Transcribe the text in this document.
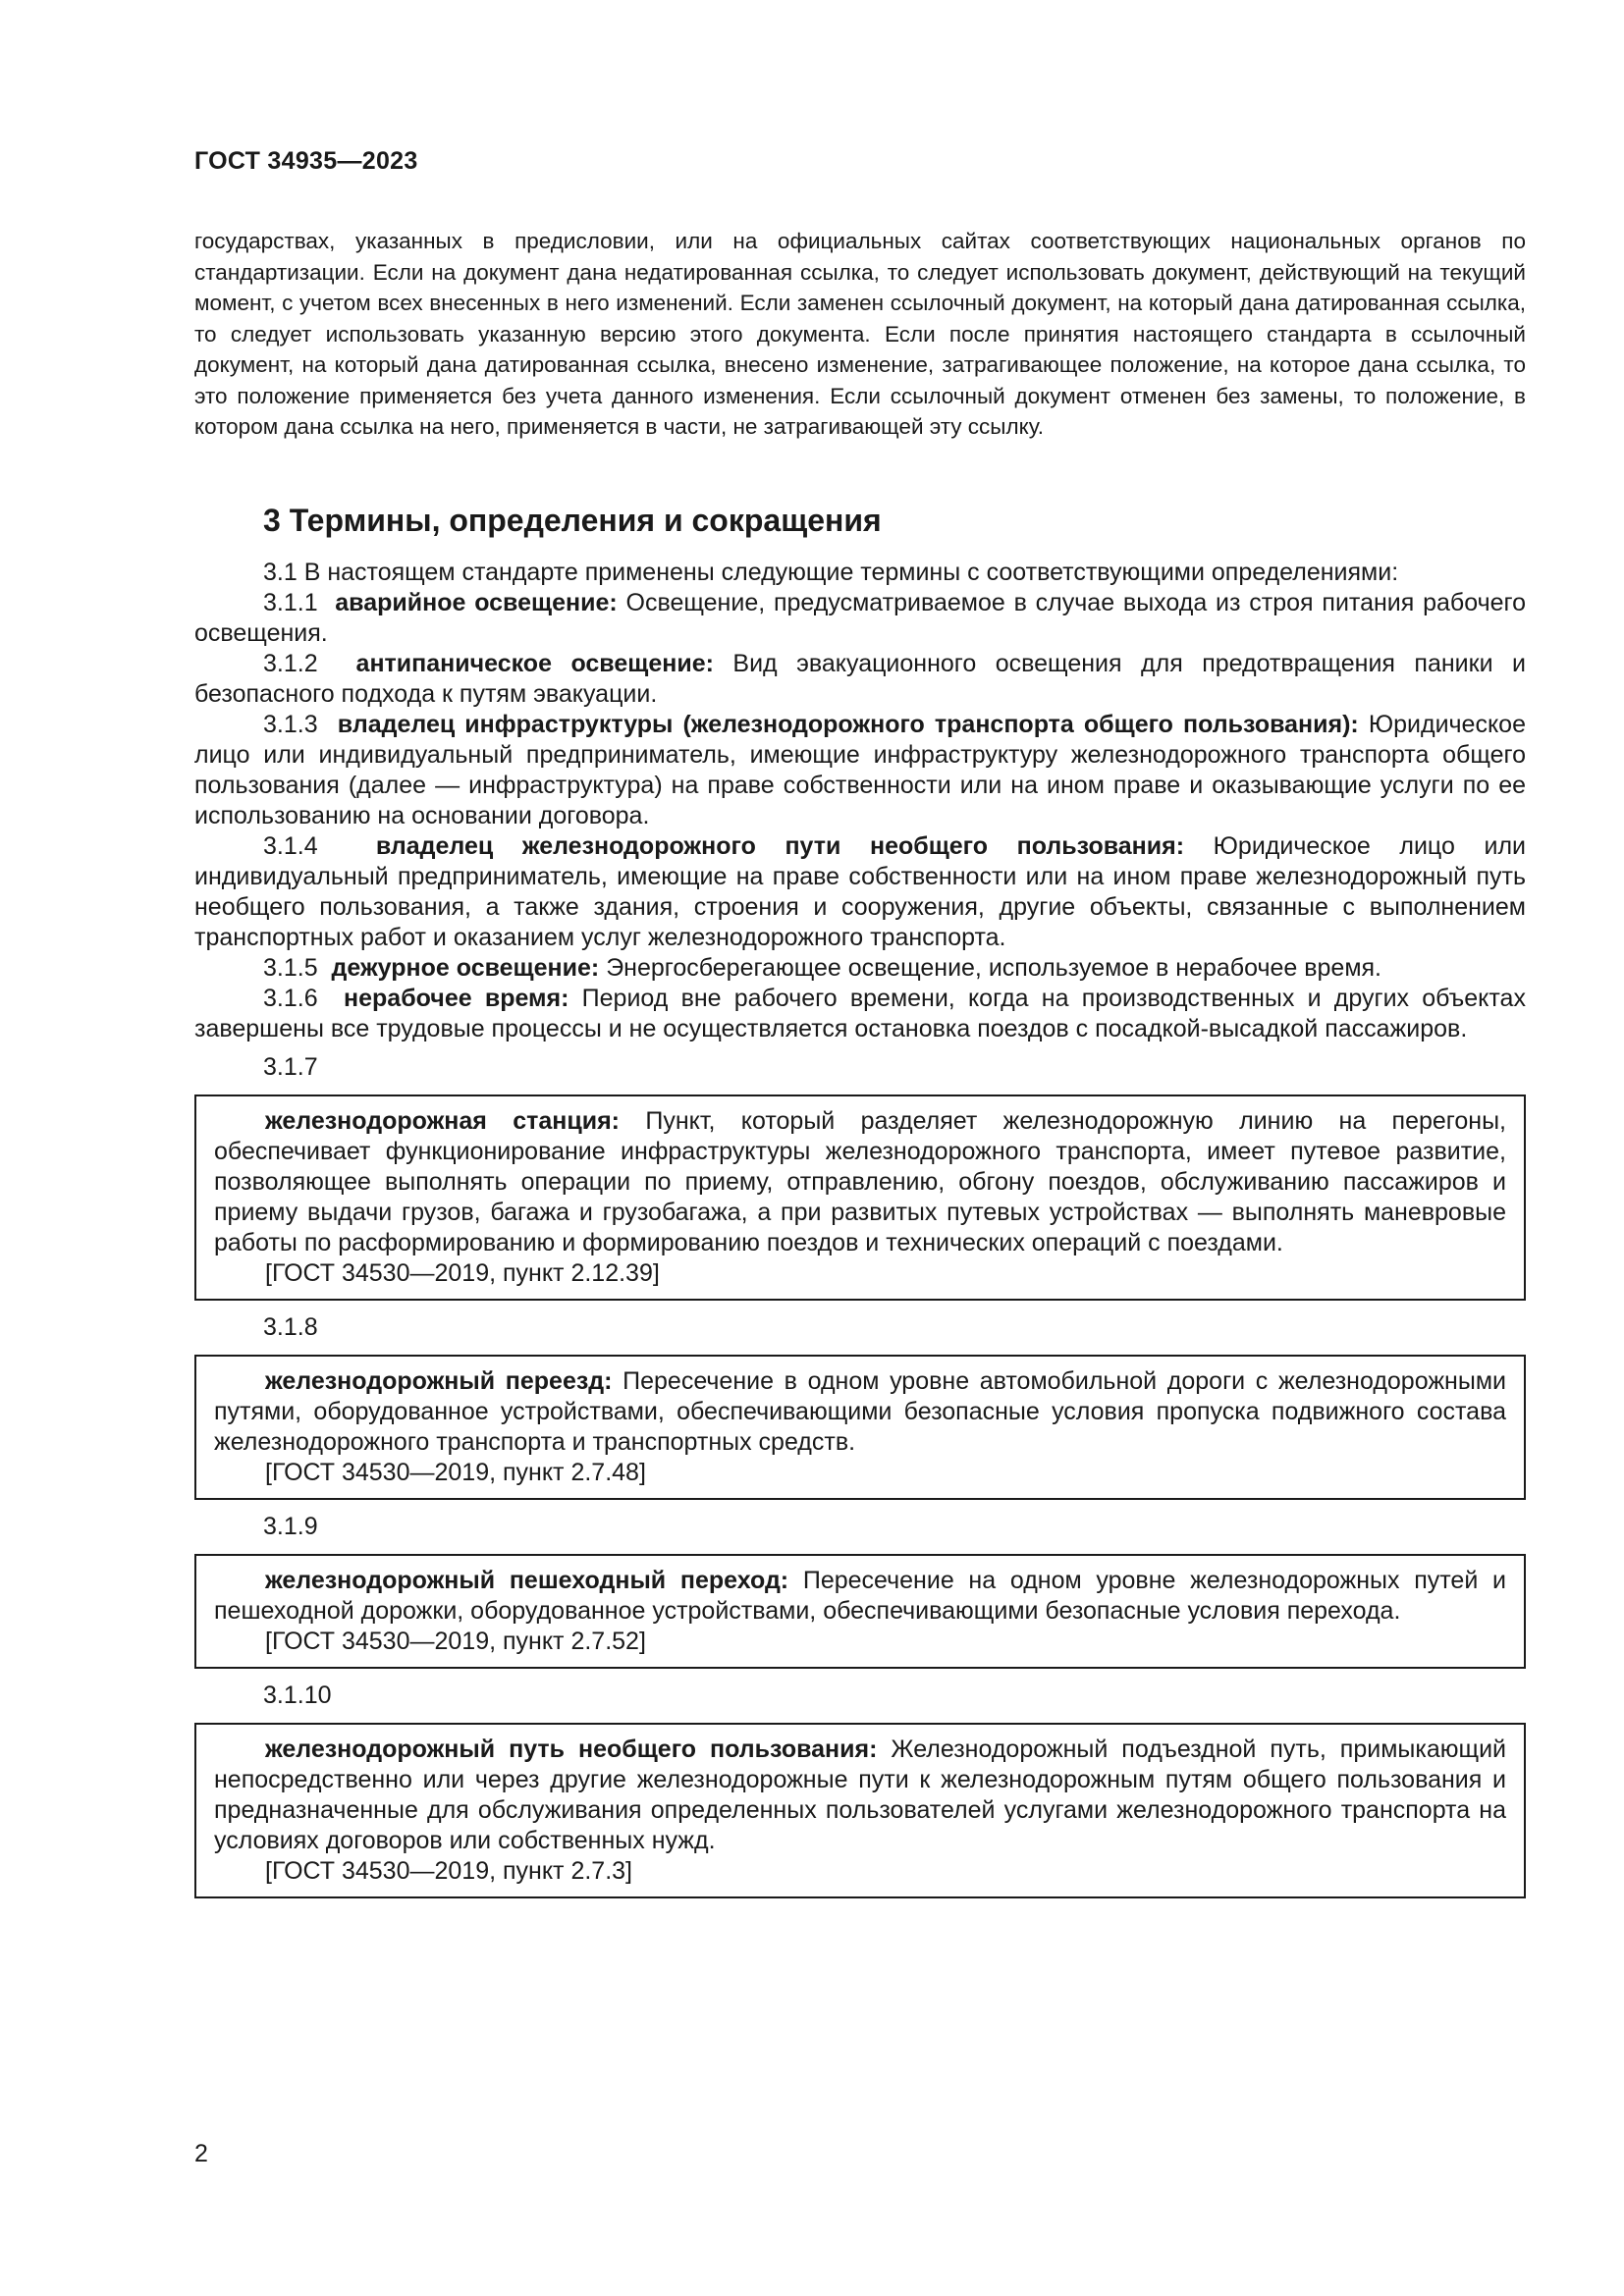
ГОСТ 34935—2023
государствах, указанных в предисловии, или на официальных сайтах соответствующих национальных органов по стандартизации. Если на документ дана недатированная ссылка, то следует использовать документ, действующий на текущий момент, с учетом всех внесенных в него изменений. Если заменен ссылочный документ, на который дана датированная ссылка, то следует использовать указанную версию этого документа. Если после принятия настоящего стандарта в ссылочный документ, на который дана датированная ссылка, внесено изменение, затрагивающее положение, на которое дана ссылка, то это положение применяется без учета данного изменения. Если ссылочный документ отменен без замены, то положение, в котором дана ссылка на него, применяется в части, не затрагивающей эту ссылку.
3 Термины, определения и сокращения

3.1 В настоящем стандарте применены следующие термины с соответствующими определениями:

3.1.1 аварийное освещение: Освещение, предусматриваемое в случае выхода из строя питания рабочего освещения.

3.1.2 антипаническое освещение: Вид эвакуационного освещения для предотвращения паники и безопасного подхода к путям эвакуации.

3.1.3 владелец инфраструктуры (железнодорожного транспорта общего пользования): Юридическое лицо или индивидуальный предприниматель, имеющие инфраструктуру железнодорожного транспорта общего пользования (далее — инфраструктура) на праве собственности или на ином праве и оказывающие услуги по ее использованию на основании договора.

3.1.4 владелец железнодорожного пути необщего пользования: Юридическое лицо или индивидуальный предприниматель, имеющие на праве собственности или на ином праве железнодорожный путь необщего пользования, а также здания, строения и сооружения, другие объекты, связанные с выполнением транспортных работ и оказанием услуг железнодорожного транспорта.

3.1.5 дежурное освещение: Энергосберегающее освещение, используемое в нерабочее время.

3.1.6 нерабочее время: Период вне рабочего времени, когда на производственных и других объектах завершены все трудовые процессы и не осуществляется остановка поездов с посадкой-высадкой пассажиров.

3.1.7

железнодорожная станция: Пункт, который разделяет железнодорожную линию на перегоны, обеспечивает функционирование инфраструктуры железнодорожного транспорта, имеет путевое развитие, позволяющее выполнять операции по приему, отправлению, обгону поездов, обслуживанию пассажиров и приему выдачи грузов, багажа и грузобагажа, а при развитых путевых устройствах — выполнять маневровые работы по расформированию и формированию поездов и технических операций с поездами.

[ГОСТ 34530—2019, пункт 2.12.39]

3.1.8

железнодорожный переезд: Пересечение в одном уровне автомобильной дороги с железнодорожными путями, оборудованное устройствами, обеспечивающими безопасные условия пропуска подвижного состава железнодорожного транспорта и транспортных средств.

[ГОСТ 34530—2019, пункт 2.7.48]

3.1.9

железнодорожный пешеходный переход: Пересечение на одном уровне железнодорожных путей и пешеходной дорожки, оборудованное устройствами, обеспечивающими безопасные условия перехода.

[ГОСТ 34530—2019, пункт 2.7.52]

3.1.10

железнодорожный путь необщего пользования: Железнодорожный подъездной путь, примыкающий непосредственно или через другие железнодорожные пути к железнодорожным путям общего пользования и предназначенные для обслуживания определенных пользователей услугами железнодорожного транспорта на условиях договоров или собственных нужд.

[ГОСТ 34530—2019, пункт 2.7.3]

2
